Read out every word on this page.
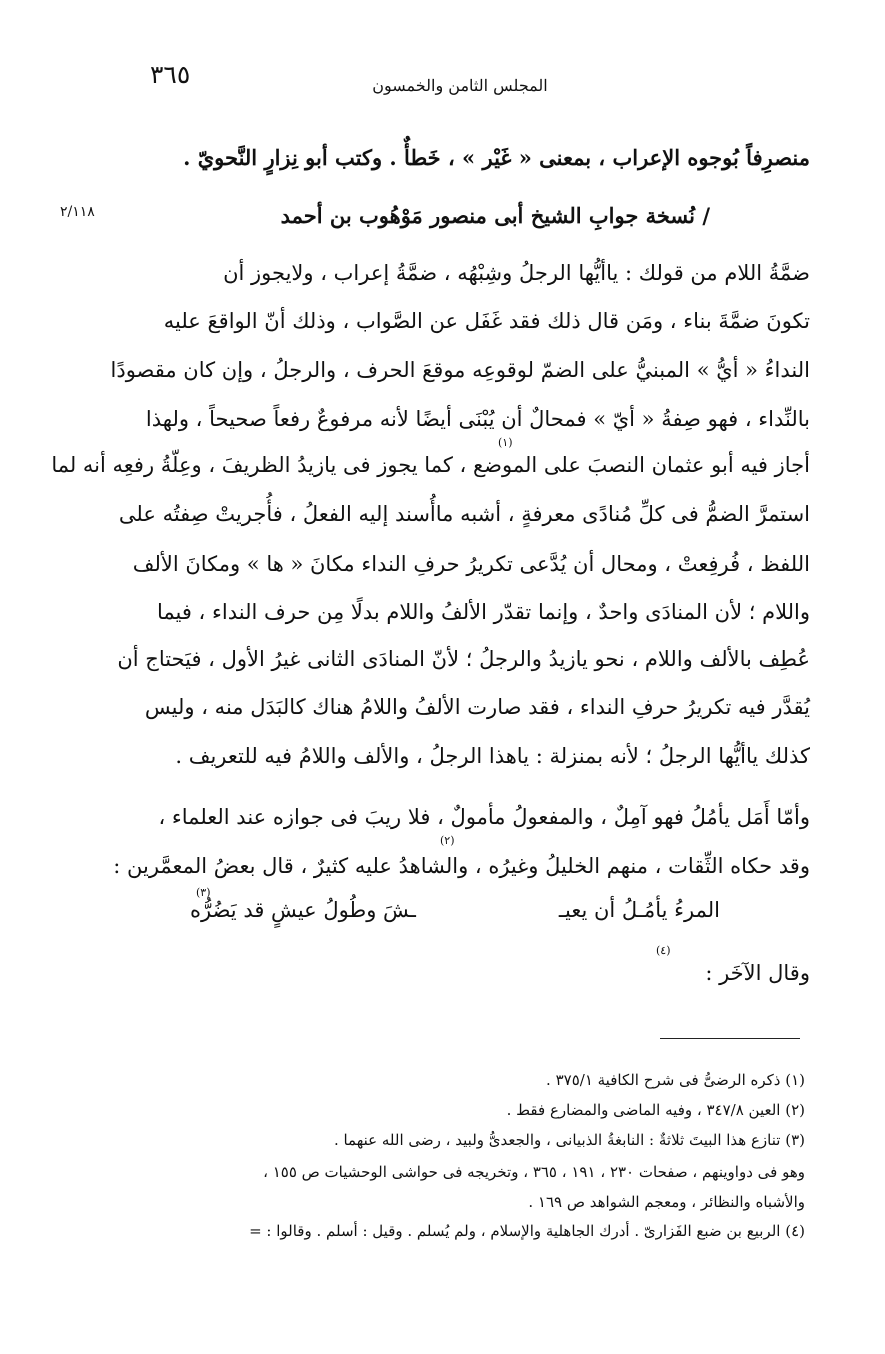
٣٦٥	المجلس الثامن والخمسون
منصرِفاً بُوجوه الإعراب ، بمعنى « غَيْر » ، خَطأٌ . وكتب أبو نِزارٍ النَّحويّ .
٢/١١٨	/ نُسخة جوابِ الشيخ أبى منصور مَوْهُوب بن أحمد
ضمَّةُ اللام من قولك : ياأيُّها الرجلُ وشِبْهُه ، ضمَّةُ إعراب ، ولايجوز أن
تكونَ ضمَّةَ بناء ، ومَن قال ذلك فقد غَفَل عن الصَّواب ، وذلك أنّ الواقعَ عليه
النداءُ « أيُّ » المبنيُّ على الضمّ لوقوعِه موقعَ الحرف ، والرجلُ ، وإن كان مقصودًا
بالنِّداء ، فهو صِفةُ « أيّ » فمحالٌ أن يُبْنَى أيضًا لأنه مرفوعٌ رفعاً صحيحاً ، ولهذا
أجاز فيه أبو عثمان النصبَ على الموضع ، كما يجوز فى يازيدُ الظريفَ ، وعِلّةُ رفعِه أنه لما
(١)
استمرَّ الضمُّ فى كلِّ مُنادًى معرفةٍ ، أشبه ماأُسند إليه الفعلُ ، فأُجريتْ صِفتُه على
اللفظ ، فُرفِعتْ ، ومحال أن يُدَّعى تكريرُ حرفِ النداء مكانَ « ها » ومكانَ الألف
واللام ؛ لأن المنادَى واحدٌ ، وإنما تقدّر الألفُ واللام بدلًا مِن حرف النداء ، فيما
عُطِف بالألف واللام ، نحو يازيدُ والرجلُ ؛ لأنّ المنادَى الثانى غيرُ الأول ، فيَحتاج أن
يُقدَّر فيه تكريرُ حرفِ النداء ، فقد صارت الألفُ واللامُ هناك كالبَدَل منه ، وليس
كذلك ياأيُّها الرجلُ ؛ لأنه بمنزلة : ياهذا الرجلُ ، والألف واللامُ فيه للتعريف .
وأمّا أَمَل يأمُلُ فهو آمِلٌ ، والمفعولُ مأمولٌ ، فلا ريبَ فى جوازه عند العلماء ،
وقد حكاه الثِّقات ، منهم الخليلُ وغيرُه ، والشاهدُ عليه كثيرٌ ، قال بعضُ المعمَّرين :
(٢)
المرءُ يأمُـلُ أن يعيـ
ـشَ وطُولُ عيشٍ قد يَضُرُّه
(٣)
وقال الآخَر :
(٤)
(١) ذكره الرضىُّ فى شرح الكافية ٣٧٥/١ .
(٢) العين ٣٤٧/٨ ، وفيه الماضى والمضارع فقط .
(٣) تنازع هذا البيتَ ثلاثةٌ : النابغةُ الذبيانى ، والجعدىُّ ولبيد ، رضى الله عنهما .
وهو فى دواوينهم ، صفحات ٢٣٠ ، ١٩١ ، ٣٦٥ ، وتخريجه فى حواشى الوحشيات ص ١٥٥ ،
والأشباه والنظائر ، ومعجم الشواهد ص ١٦٩ .
(٤) الربيع بن ضبع الفَزارىّ . أدرك الجاهلية والإسلام ، ولم يُسلم . وقيل : أسلم . وقالوا : =
